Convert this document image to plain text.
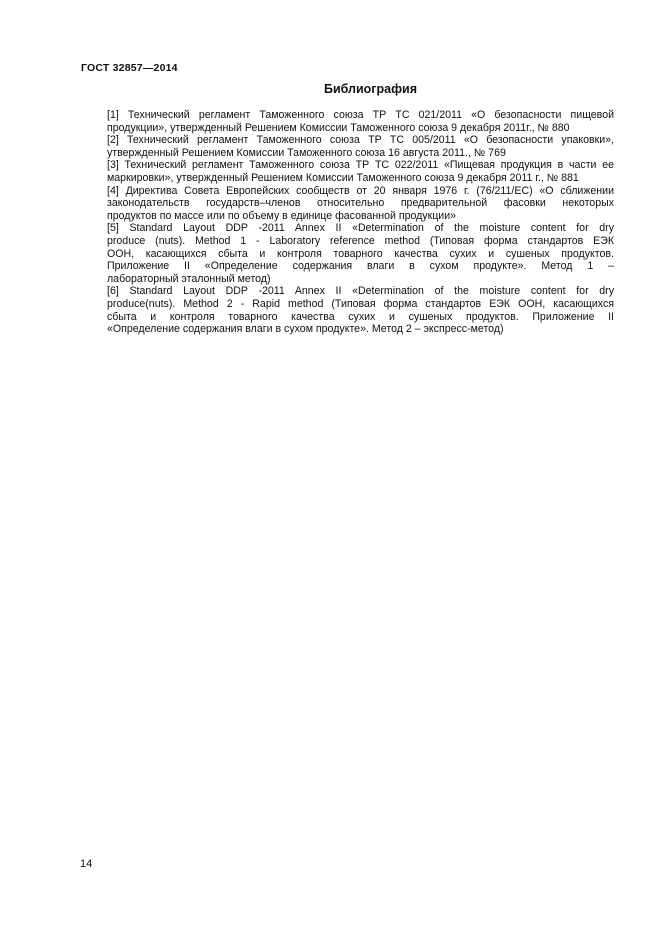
ГОСТ 32857—2014
Библиография
[1] Технический регламент Таможенного союза ТР ТС 021/2011 «О безопасности пищевой
продукции», утвержденный Решением Комиссии Таможенного союза 9 декабря 2011г., № 880
[2] Технический регламент Таможенного союза ТР ТС 005/2011 «О безопасности упаковки»,
утвержденный Решением Комиссии Таможенного союза 16 августа 2011., № 769
[3] Технический регламент Таможенного союза ТР ТС 022/2011 «Пищевая продукция в части ее
маркировки», утвержденный Решением Комиссии Таможенного союза 9 декабря 2011 г., № 881
[4] Директива Совета Европейских сообществ от 20 января 1976 г. (76/211/ЕС) «О сближении
законодательств государств–членов относительно предварительной фасовки некоторых
продуктов по массе или по объему в единице фасованной продукции»
[5] Standard Layout DDP -2011 Annex II «Determination of the moisture content for dry
produce (nuts). Method 1 - Laboratory reference method (Типовая форма стандартов ЕЭК
ООН, касающихся сбыта и контроля товарного качества сухих и сушеных продуктов.
Приложение II «Определение содержания влаги в сухом продукте». Метод 1 –
лабораторный эталонный метод)
[6] Standard Layout DDP -2011 Annex II «Determination of the moisture content for dry
produce(nuts). Method 2 - Rapid method (Типовая форма стандартов ЕЭК ООН, касающихся
сбыта и контроля товарного качества сухих и сушеных продуктов. Приложение II
«Определение содержания влаги в сухом продукте». Метод 2 – экспресс-метод)
14
